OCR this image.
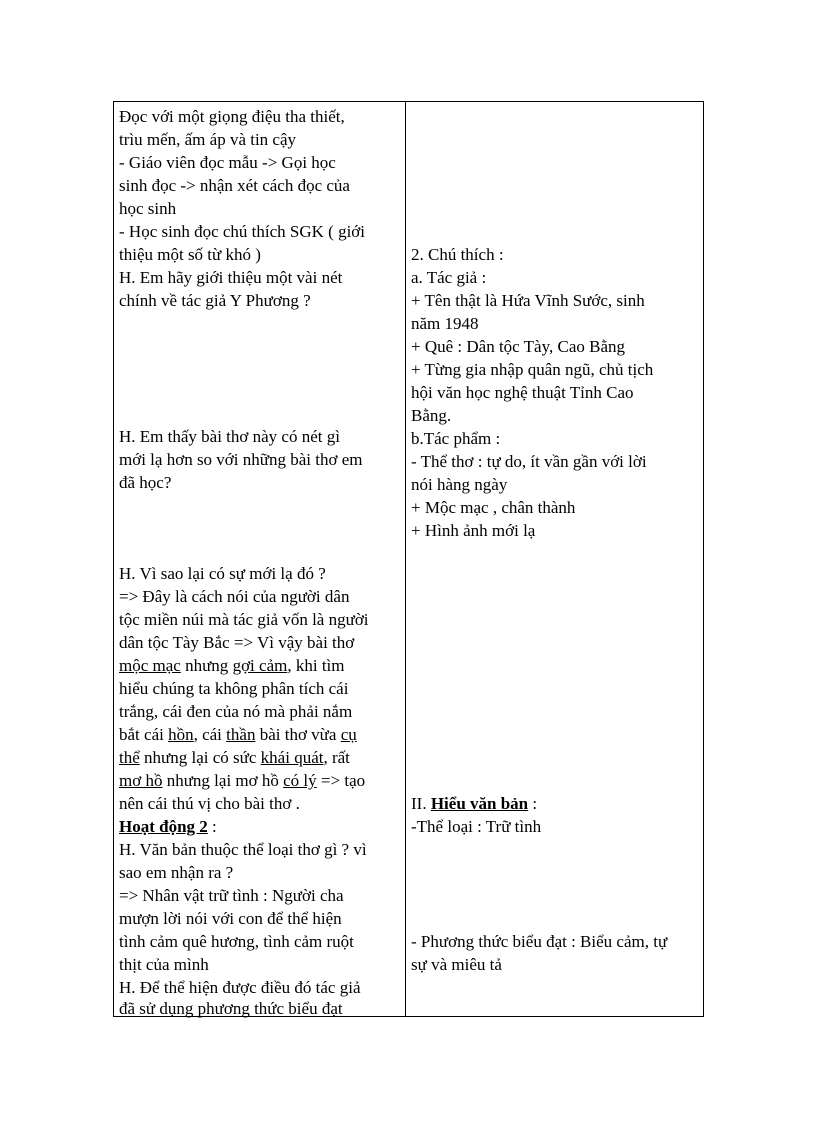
Đọc với một giọng điệu tha thiết,
trìu mến, ấm áp và tin cậy
- Giáo viên đọc mẫu -> Gọi học
sinh đọc -> nhận xét cách đọc của
học sinh
- Học sinh đọc chú thích SGK ( giới
thiệu một số từ khó )
H. Em hãy giới thiệu một vài nét
chính về tác giả Y Phương ?
H. Em thấy bài thơ này có nét gì
mới lạ hơn so với những bài thơ em
đã học?
H. Vì sao lại có sự mới lạ đó ?
=> Đây là cách nói của người dân
tộc miền núi mà tác giả vốn là người
dân tộc Tày Bắc => Vì vậy bài thơ
mộc mạc nhưng gợi cảm, khi tìm
hiểu chúng ta không phân tích cái
trắng, cái đen của nó mà phải nắm
bắt cái hồn, cái thần bài thơ vừa cụ
thể nhưng lại có sức khái quát, rất
mơ hồ nhưng lại mơ hồ có lý => tạo
nên cái thú vị cho bài thơ .
Hoạt động 2 :
H. Văn bản thuộc thể loại thơ gì ? vì
sao em nhận ra ?
=> Nhân vật trữ tình : Người cha
mượn lời nói với con để thể hiện
tình cảm quê hương, tình cảm ruột
thịt của mình
H. Để thể hiện được điều đó tác giả
đã sử dụng phương thức biểu đạt
2. Chú thích :
a. Tác giả :
+ Tên thật là Hứa Vĩnh Sước, sinh
năm 1948
+ Quê : Dân tộc Tày, Cao Bằng
+ Từng gia nhập quân ngũ, chủ tịch
hội văn học nghệ thuật Tỉnh Cao
Bằng.
b.Tác phẩm :
- Thể thơ : tự do, ít vần gần với lời
nói hàng ngày
+ Mộc mạc , chân thành
+ Hình ảnh mới lạ
II. Hiểu văn bản :
-Thể loại : Trữ tình
- Phương thức biểu đạt : Biểu cảm, tự
sự và miêu tả
